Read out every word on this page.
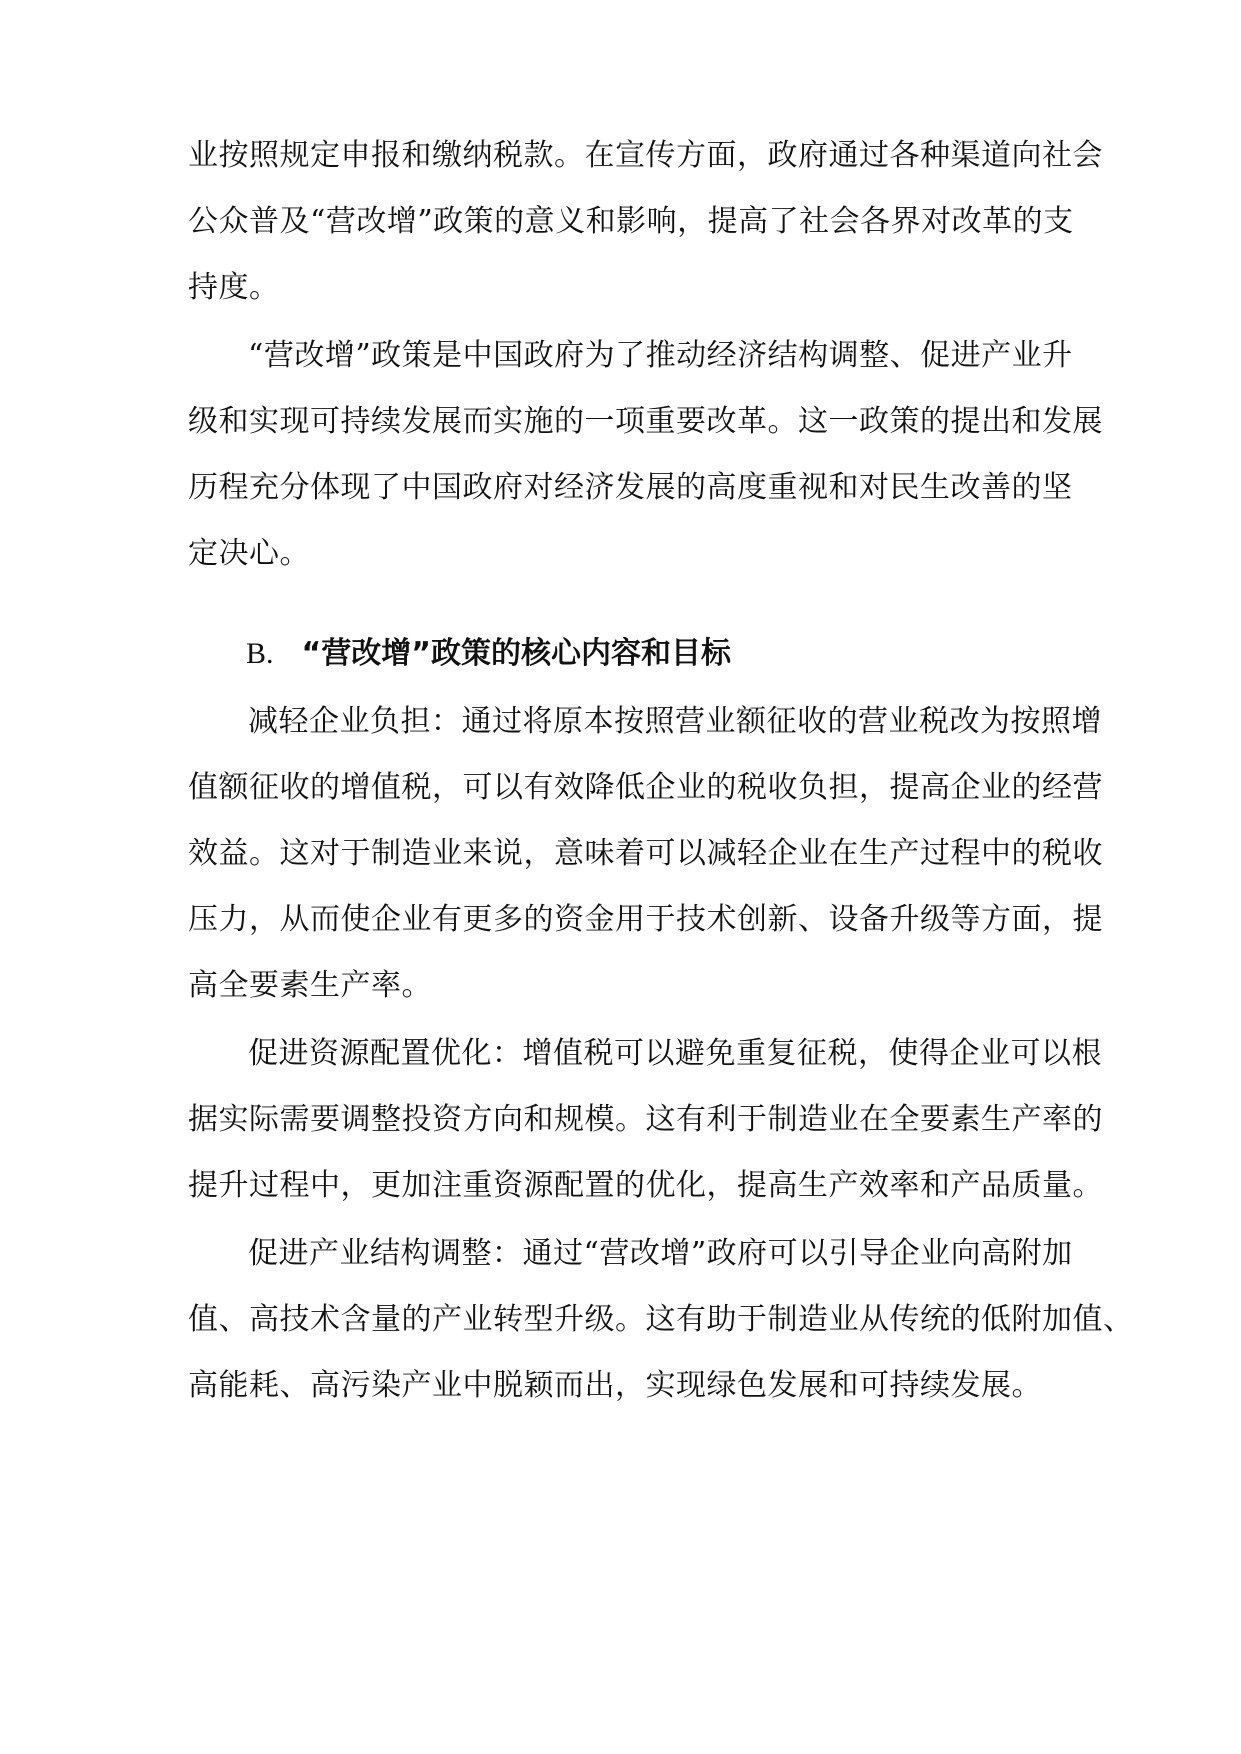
业按照规定申报和缴纳税款。在宣传方面，政府通过各种渠道向社会
公众普及“营改增”政策的意义和影响，提高了社会各界对改革的支
持度。
“营改增”政策是中国政府为了推动经济结构调整、促进产业升
级和实现可持续发展而实施的一项重要改革。这一政策的提出和发展
历程充分体现了中国政府对经济发展的高度重视和对民生改善的坚
定决心。
B. “营改增”政策的核心内容和目标
减轻企业负担：通过将原本按照营业额征收的营业税改为按照增
值额征收的增值税，可以有效降低企业的税收负担，提高企业的经营
效益。这对于制造业来说，意味着可以减轻企业在生产过程中的税收
压力，从而使企业有更多的资金用于技术创新、设备升级等方面，提
高全要素生产率。
促进资源配置优化：增值税可以避免重复征税，使得企业可以根
据实际需要调整投资方向和规模。这有利于制造业在全要素生产率的
提升过程中，更加注重资源配置的优化，提高生产效率和产品质量。
促进产业结构调整：通过“营改增”政府可以引导企业向高附加
值、高技术含量的产业转型升级。这有助于制造业从传统的低附加值、
高能耗、高污染产业中脱颖而出，实现绿色发展和可持续发展。
